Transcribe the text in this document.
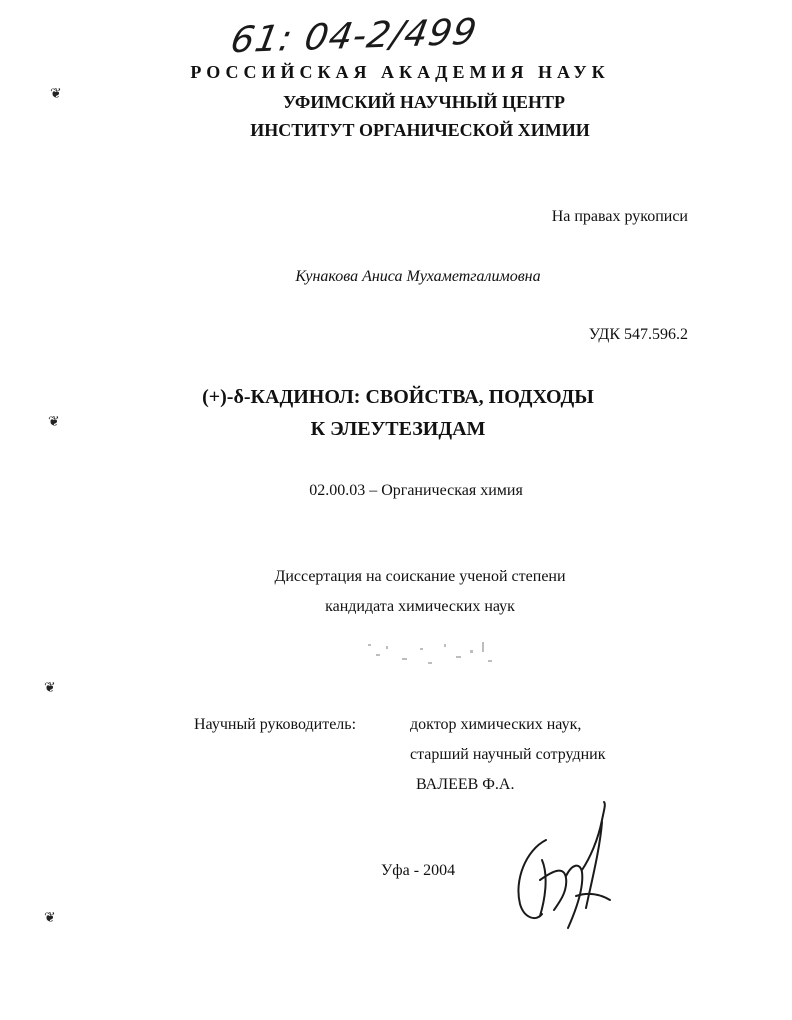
61: 04-2/499
РОССИЙСКАЯ АКАДЕМИЯ НАУК
УФИМСКИЙ НАУЧНЫЙ ЦЕНТР
ИНСТИТУТ ОРГАНИЧЕСКОЙ ХИМИИ
На правах рукописи
Кунакова Аниса Мухаметгалимовна
УДК 547.596.2
(+)-δ-КАДИНОЛ: СВОЙСТВА, ПОДХОДЫ
К ЭЛЕУТЕЗИДАМ
02.00.03 – Органическая химия
Диссертация на соискание ученой степени
кандидата химических наук
Научный руководитель:	доктор химических наук,
старший научный сотрудник
ВАЛЕЕВ Ф.А.
Уфа - 2004
❦
❦
❦
❦
